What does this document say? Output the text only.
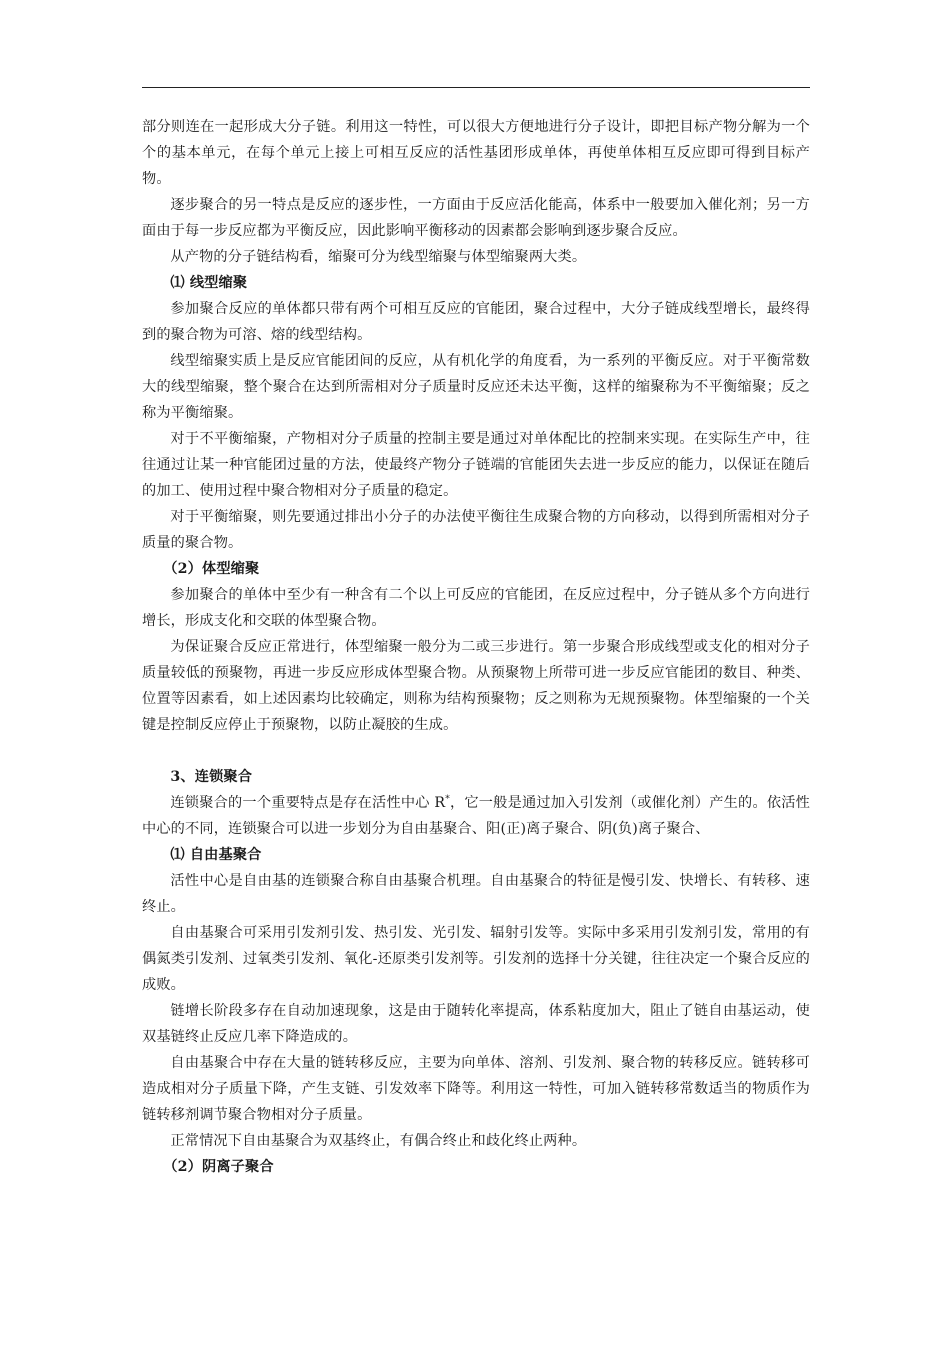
部分则连在一起形成大分子链。利用这一特性，可以很大方便地进行分子设计，即把目标产物分解为一个个的基本单元，在每个单元上接上可相互反应的活性基团形成单体，再使单体相互反应即可得到目标产物。

逐步聚合的另一特点是反应的逐步性，一方面由于反应活化能高，体系中一般要加入催化剂；另一方面由于每一步反应都为平衡反应，因此影响平衡移动的因素都会影响到逐步聚合反应。

从产物的分子链结构看，缩聚可分为线型缩聚与体型缩聚两大类。

⑴ 线型缩聚

参加聚合反应的单体都只带有两个可相互反应的官能团，聚合过程中，大分子链成线型增长，最终得到的聚合物为可溶、熔的线型结构。

线型缩聚实质上是反应官能团间的反应，从有机化学的角度看，为一系列的平衡反应。对于平衡常数大的线型缩聚，整个聚合在达到所需相对分子质量时反应还未达平衡，这样的缩聚称为不平衡缩聚；反之称为平衡缩聚。

对于不平衡缩聚，产物相对分子质量的控制主要是通过对单体配比的控制来实现。在实际生产中，往往通过让某一种官能团过量的方法，使最终产物分子链端的官能团失去进一步反应的能力，以保证在随后的加工、使用过程中聚合物相对分子质量的稳定。

对于平衡缩聚，则先要通过排出小分子的办法使平衡往生成聚合物的方向移动，以得到所需相对分子质量的聚合物。

（2）体型缩聚

参加聚合的单体中至少有一种含有二个以上可反应的官能团，在反应过程中，分子链从多个方向进行增长，形成支化和交联的体型聚合物。

为保证聚合反应正常进行，体型缩聚一般分为二或三步进行。第一步聚合形成线型或支化的相对分子质量较低的预聚物，再进一步反应形成体型聚合物。从预聚物上所带可进一步反应官能团的数目、种类、位置等因素看，如上述因素均比较确定，则称为结构预聚物；反之则称为无规预聚物。体型缩聚的一个关键是控制反应停止于预聚物，以防止凝胶的生成。

3、连锁聚合

连锁聚合的一个重要特点是存在活性中心 R*，它一般是通过加入引发剂（或催化剂）产生的。依活性中心的不同，连锁聚合可以进一步划分为自由基聚合、阳(正)离子聚合、阴(负)离子聚合、

⑴ 自由基聚合

活性中心是自由基的连锁聚合称自由基聚合机理。自由基聚合的特征是慢引发、快增长、有转移、速终止。

自由基聚合可采用引发剂引发、热引发、光引发、辐射引发等。实际中多采用引发剂引发，常用的有偶氮类引发剂、过氧类引发剂、氧化-还原类引发剂等。引发剂的选择十分关键，往往决定一个聚合反应的成败。

链增长阶段多存在自动加速现象，这是由于随转化率提高，体系粘度加大，阻止了链自由基运动，使双基链终止反应几率下降造成的。

自由基聚合中存在大量的链转移反应，主要为向单体、溶剂、引发剂、聚合物的转移反应。链转移可造成相对分子质量下降，产生支链、引发效率下降等。利用这一特性，可加入链转移常数适当的物质作为链转移剂调节聚合物相对分子质量。

正常情况下自由基聚合为双基终止，有偶合终止和歧化终止两种。

（2）阴离子聚合
